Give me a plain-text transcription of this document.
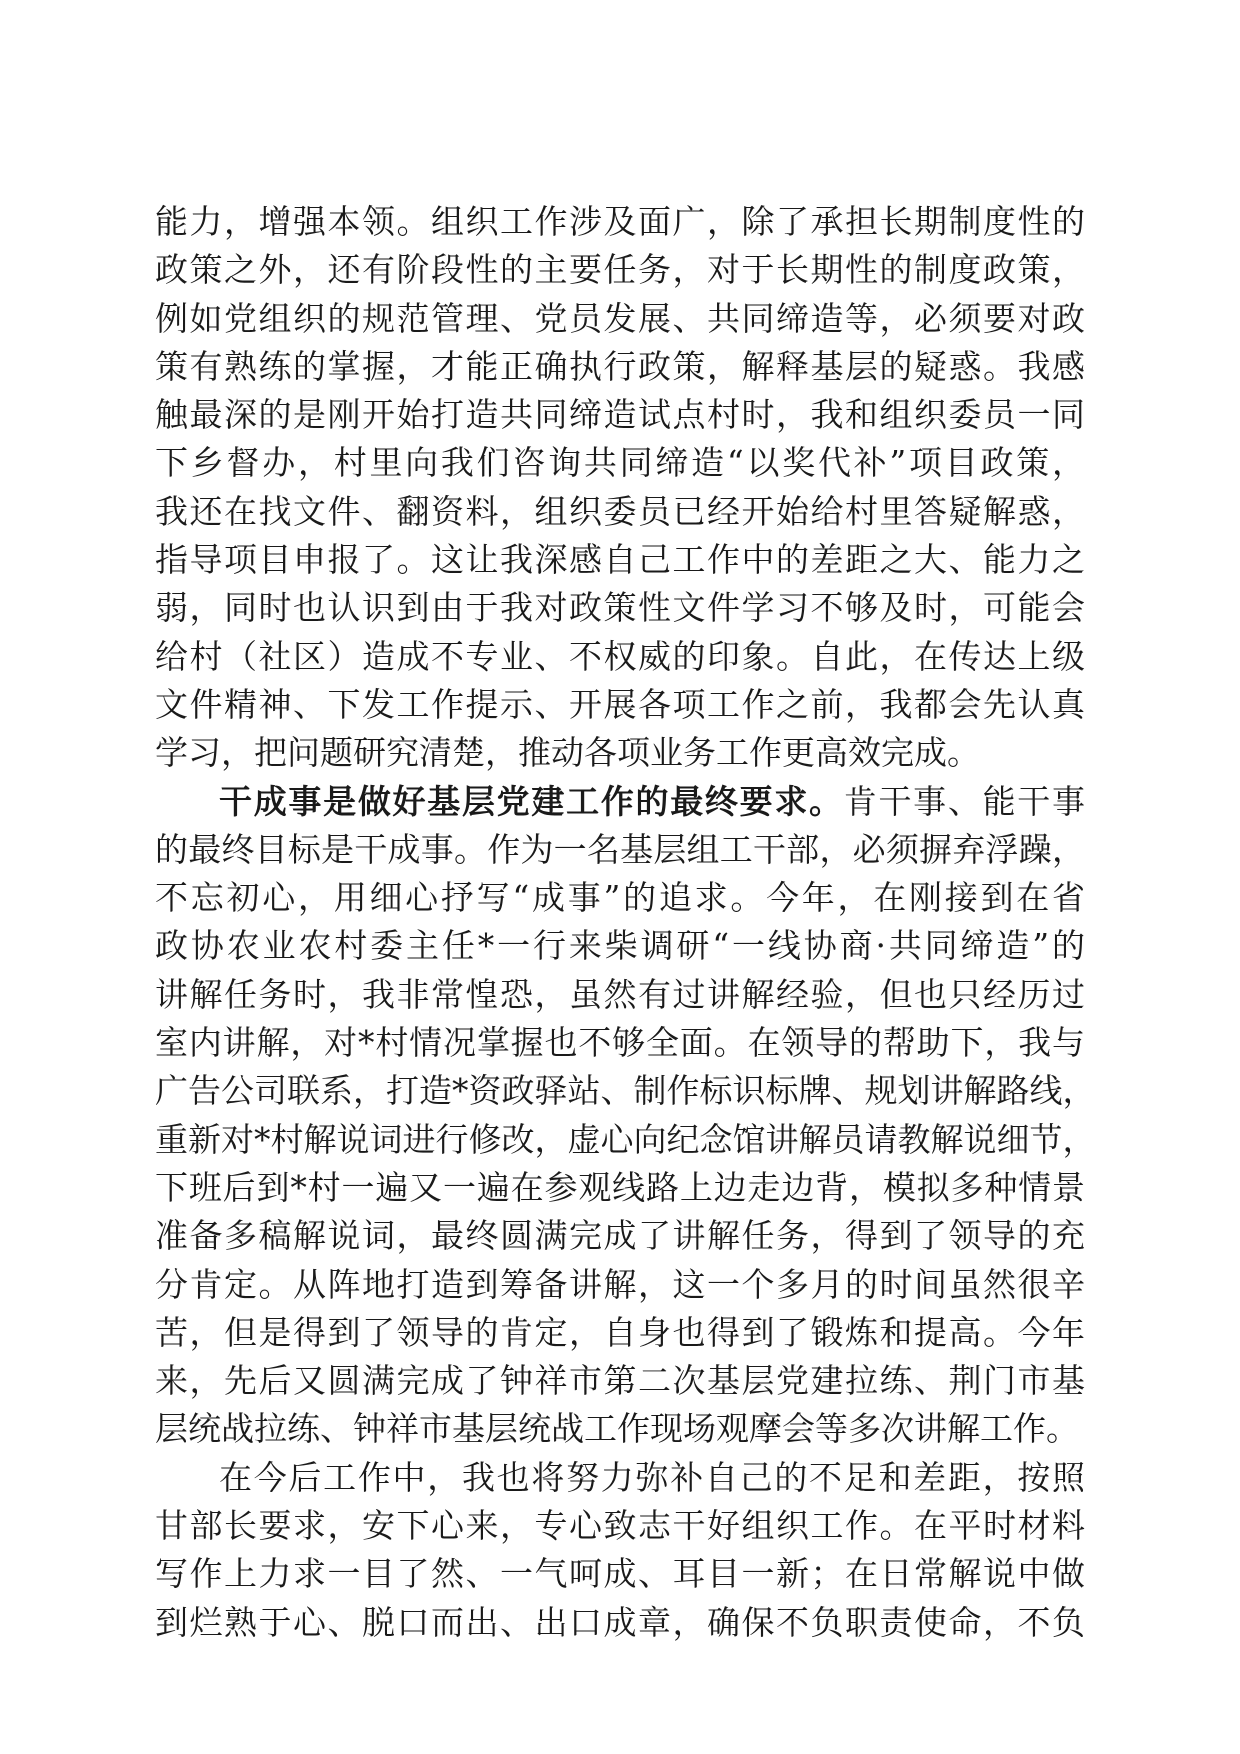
能力，增强本领。组织工作涉及面广，除了承担长期制度性的
政策之外，还有阶段性的主要任务，对于长期性的制度政策，
例如党组织的规范管理、党员发展、共同缔造等，必须要对政
策有熟练的掌握，才能正确执行政策，解释基层的疑惑。我感
触最深的是刚开始打造共同缔造试点村时，我和组织委员一同
下乡督办，村里向我们咨询共同缔造“以奖代补”项目政策，
我还在找文件、翻资料，组织委员已经开始给村里答疑解惑，
指导项目申报了。这让我深感自己工作中的差距之大、能力之
弱，同时也认识到由于我对政策性文件学习不够及时，可能会
给村（社区）造成不专业、不权威的印象。自此，在传达上级
文件精神、下发工作提示、开展各项工作之前，我都会先认真
学习，把问题研究清楚，推动各项业务工作更高效完成。
干成事是做好基层党建工作的最终要求。肯干事、能干事
的最终目标是干成事。作为一名基层组工干部，必须摒弃浮躁，
不忘初心，用细心抒写“成事”的追求。今年，在刚接到在省
政协农业农村委主任*一行来柴调研“一线协商·共同缔造”的
讲解任务时，我非常惶恐，虽然有过讲解经验，但也只经历过
室内讲解，对*村情况掌握也不够全面。在领导的帮助下，我与
广告公司联系，打造*资政驿站、制作标识标牌、规划讲解路线，
重新对*村解说词进行修改，虚心向纪念馆讲解员请教解说细节，
下班后到*村一遍又一遍在参观线路上边走边背，模拟多种情景
准备多稿解说词，最终圆满完成了讲解任务，得到了领导的充
分肯定。从阵地打造到筹备讲解，这一个多月的时间虽然很辛
苦，但是得到了领导的肯定，自身也得到了锻炼和提高。今年
来，先后又圆满完成了钟祥市第二次基层党建拉练、荆门市基
层统战拉练、钟祥市基层统战工作现场观摩会等多次讲解工作。
在今后工作中，我也将努力弥补自己的不足和差距，按照
甘部长要求，安下心来，专心致志干好组织工作。在平时材料
写作上力求一目了然、一气呵成、耳目一新；在日常解说中做
到烂熟于心、脱口而出、出口成章，确保不负职责使命，不负
